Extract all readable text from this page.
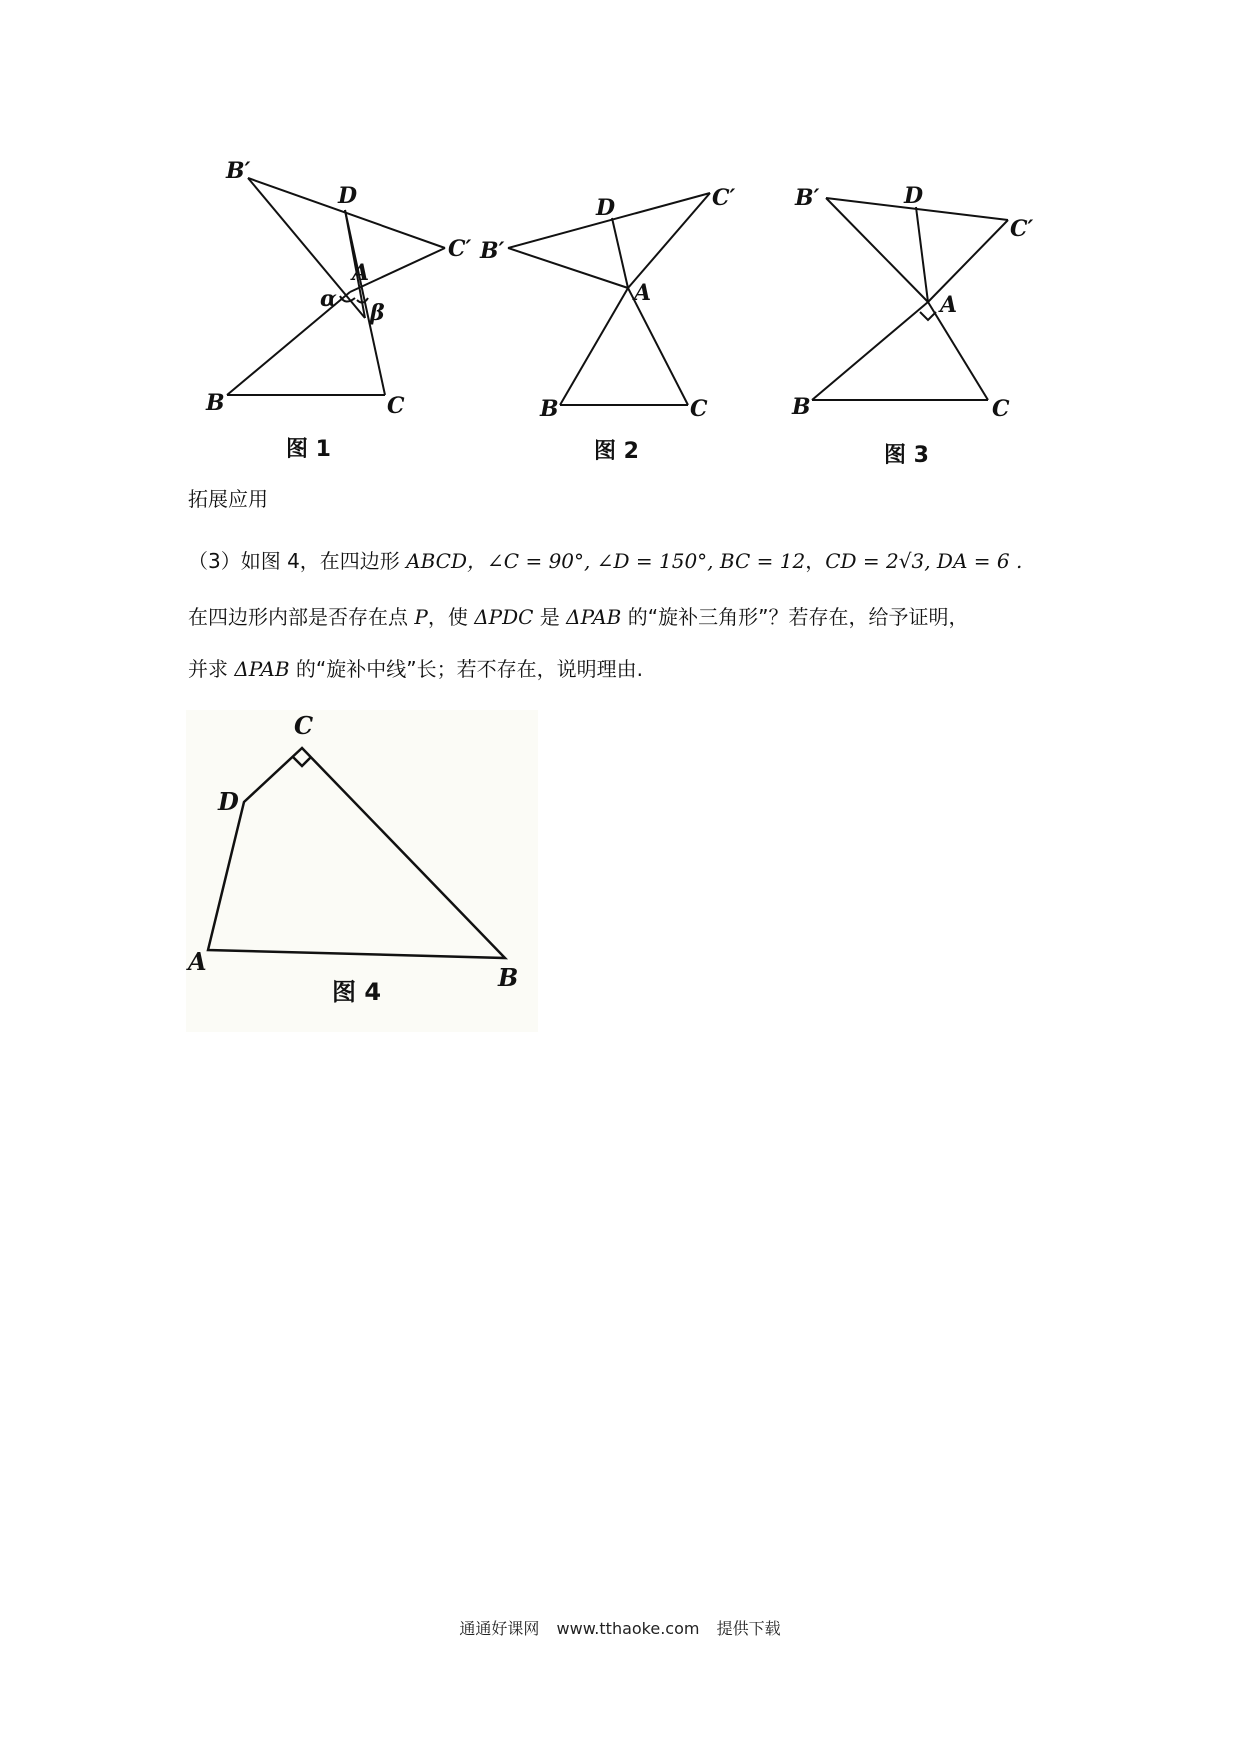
B′
D
C′
A
α
β
B	C
D	C′
B′
A
B	C
B′	D
C′
A
B	C
图 1	图 2	图 3
拓展应用
（3）如图 4，在四边形 ABCD，∠C = 90°, ∠D = 150°, BC = 12，CD = 2√3, DA = 6 .
在四边形内部是否存在点 P，使 ΔPDC 是 ΔPAB 的“旋补三角形”？若存在，给予证明，
并求 ΔPAB 的“旋补中线”长；若不存在，说明理由.
C
D
A
B
图 4
通通好课网 www.tthaoke.com 提供下载
